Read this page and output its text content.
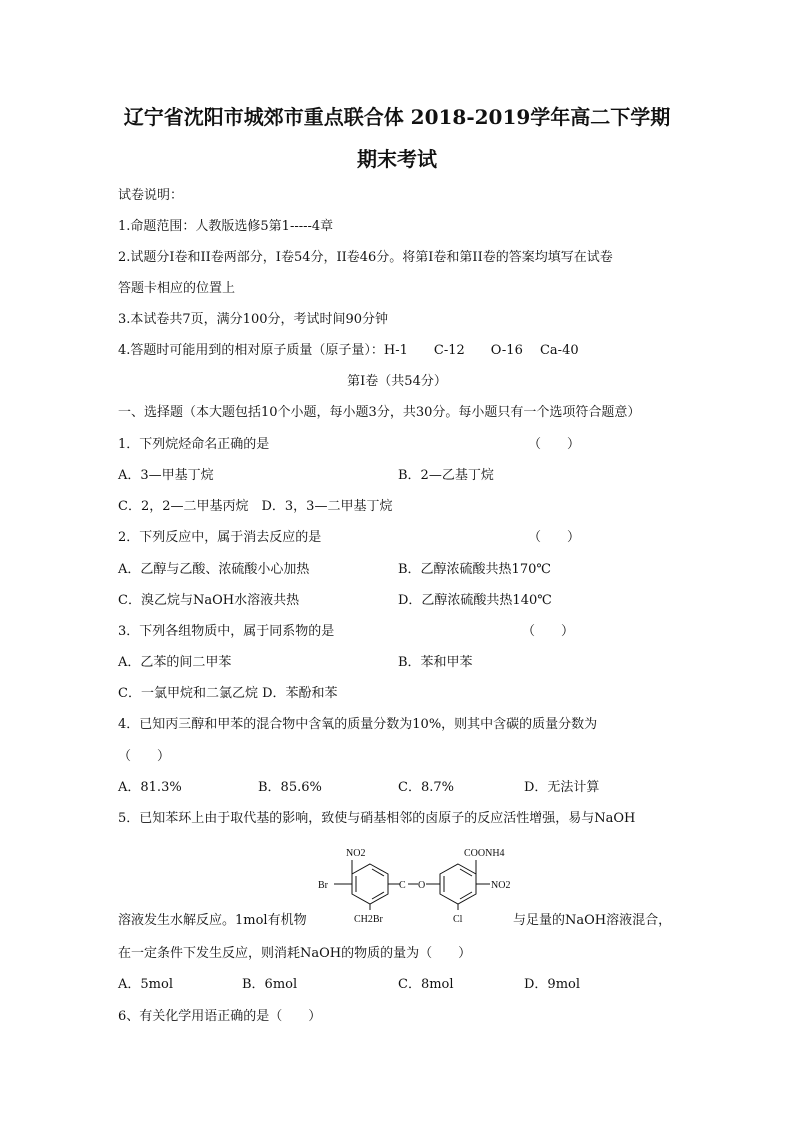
辽宁省沈阳市城郊市重点联合体 2018-2019学年高二下学期
期末考试
试卷说明：
1.命题范围：人教版选修5第1-----4章
2.试题分I卷和II卷两部分，I卷54分，II卷46分。将第I卷和第II卷的答案均填写在试卷
答题卡相应的位置上
3.本试卷共7页，满分100分，考试时间90分钟
4.答题时可能用到的相对原子质量（原子量）：H-1　　C-12　　O-16　 Ca-40
第I卷（共54分）
一、选择题（本大题包括10个小题，每小题3分，共30分。每小题只有一个选项符合题意）
1．下列烷烃命名正确的是	（　　）
A．3—甲基丁烷	B．2—乙基丁烷
C．2，2—二甲基丙烷　D．3，3—二甲基丁烷
2．下列反应中，属于消去反应的是	（　　）
A．乙醇与乙酸、浓硫酸小心加热	B．乙醇浓硫酸共热170℃
C．溴乙烷与NaOH水溶液共热	D．乙醇浓硫酸共热140℃
3．下列各组物质中，属于同系物的是	（　　）
A．乙苯的间二甲苯	B．苯和甲苯
C．一氯甲烷和二氯乙烷 D．苯酚和苯
4．已知丙三醇和甲苯的混合物中含氧的质量分数为10%，则其中含碳的质量分数为
（　　）
A．81.3%	B．85.6%	C．8.7%	D．无法计算
5．已知苯环上由于取代基的影响，致使与硝基相邻的卤原子的反应活性增强，易与NaOH
NO2
Br
CH2Br
C O
COONH4
NO2
Cl
溶液发生水解反应。1mol有机物	与足量的NaOH溶液混合，
在一定条件下发生反应，则消耗NaOH的物质的量为（　　）
A．5mol	B．6mol	C．8mol	D．9mol
6、有关化学用语正确的是（　　）
